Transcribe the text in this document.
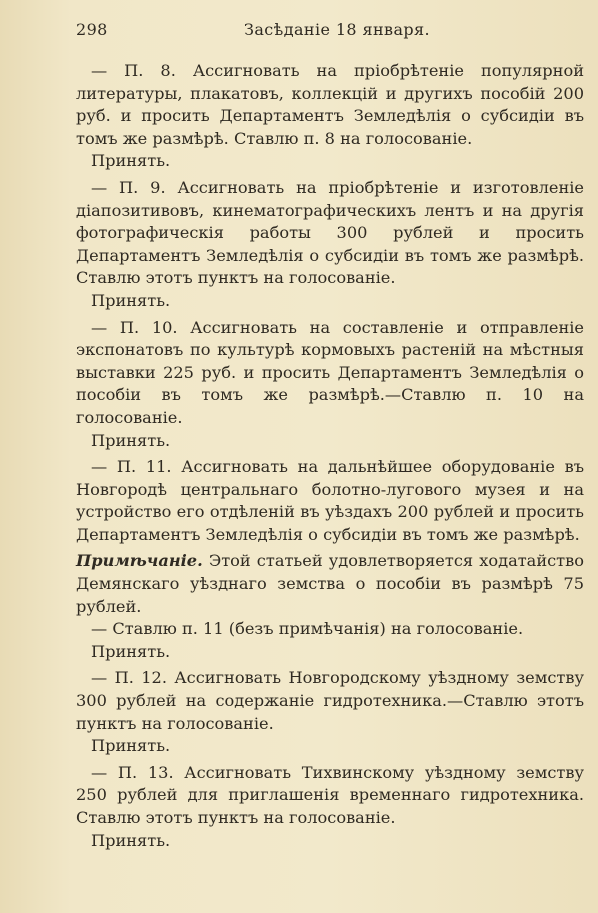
298	Засѣданіе 18 января.

— П. 8. Ассигновать на пріобрѣтеніе популярной литературы, плакатовъ, коллекцій и другихъ пособій 200 руб. и просить Департаментъ Земледѣлія о субсидіи въ томъ же размѣрѣ. Ставлю п. 8 на голосованіе.

Принять.

— П. 9. Ассигновать на пріобрѣтеніе и изготовленіе діапозитивовъ, кинематографическихъ лентъ и на другія фотографическія работы 300 рублей и просить Департаментъ Земледѣлія о субсидіи въ томъ же размѣрѣ. Ставлю этотъ пунктъ на голосованіе.

Принять.

— П. 10. Ассигновать на составленіе и отправленіе экспонатовъ по культурѣ кормовыхъ растеній на мѣстныя выставки 225 руб. и просить Департаментъ Земледѣлія о пособіи въ томъ же размѣрѣ.—Ставлю п. 10 на голосованіе.

Принять.

— П. 11. Ассигновать на дальнѣйшее оборудованіе въ Новгородѣ центральнаго болотно-лугового музея и на устройство его отдѣленій въ уѣздахъ 200 рублей и просить Департаментъ Земледѣлія о субсидіи въ томъ же размѣрѣ.

Примѣчаніе. Этой статьей удовлетворяется ходатайство Демянскаго уѣзднаго земства о пособіи въ размѣрѣ 75 рублей.

— Ставлю п. 11 (безъ примѣчанія) на голосованіе.

Принять.

— П. 12. Ассигновать Новгородскому уѣздному земству 300 рублей на содержаніе гидротехника.—Ставлю этотъ пунктъ на голосованіе.

Принять.

— П. 13. Ассигновать Тихвинскому уѣздному земству 250 рублей для приглашенія временнаго гидротехника. Ставлю этотъ пунктъ на голосованіе.

Принять.
